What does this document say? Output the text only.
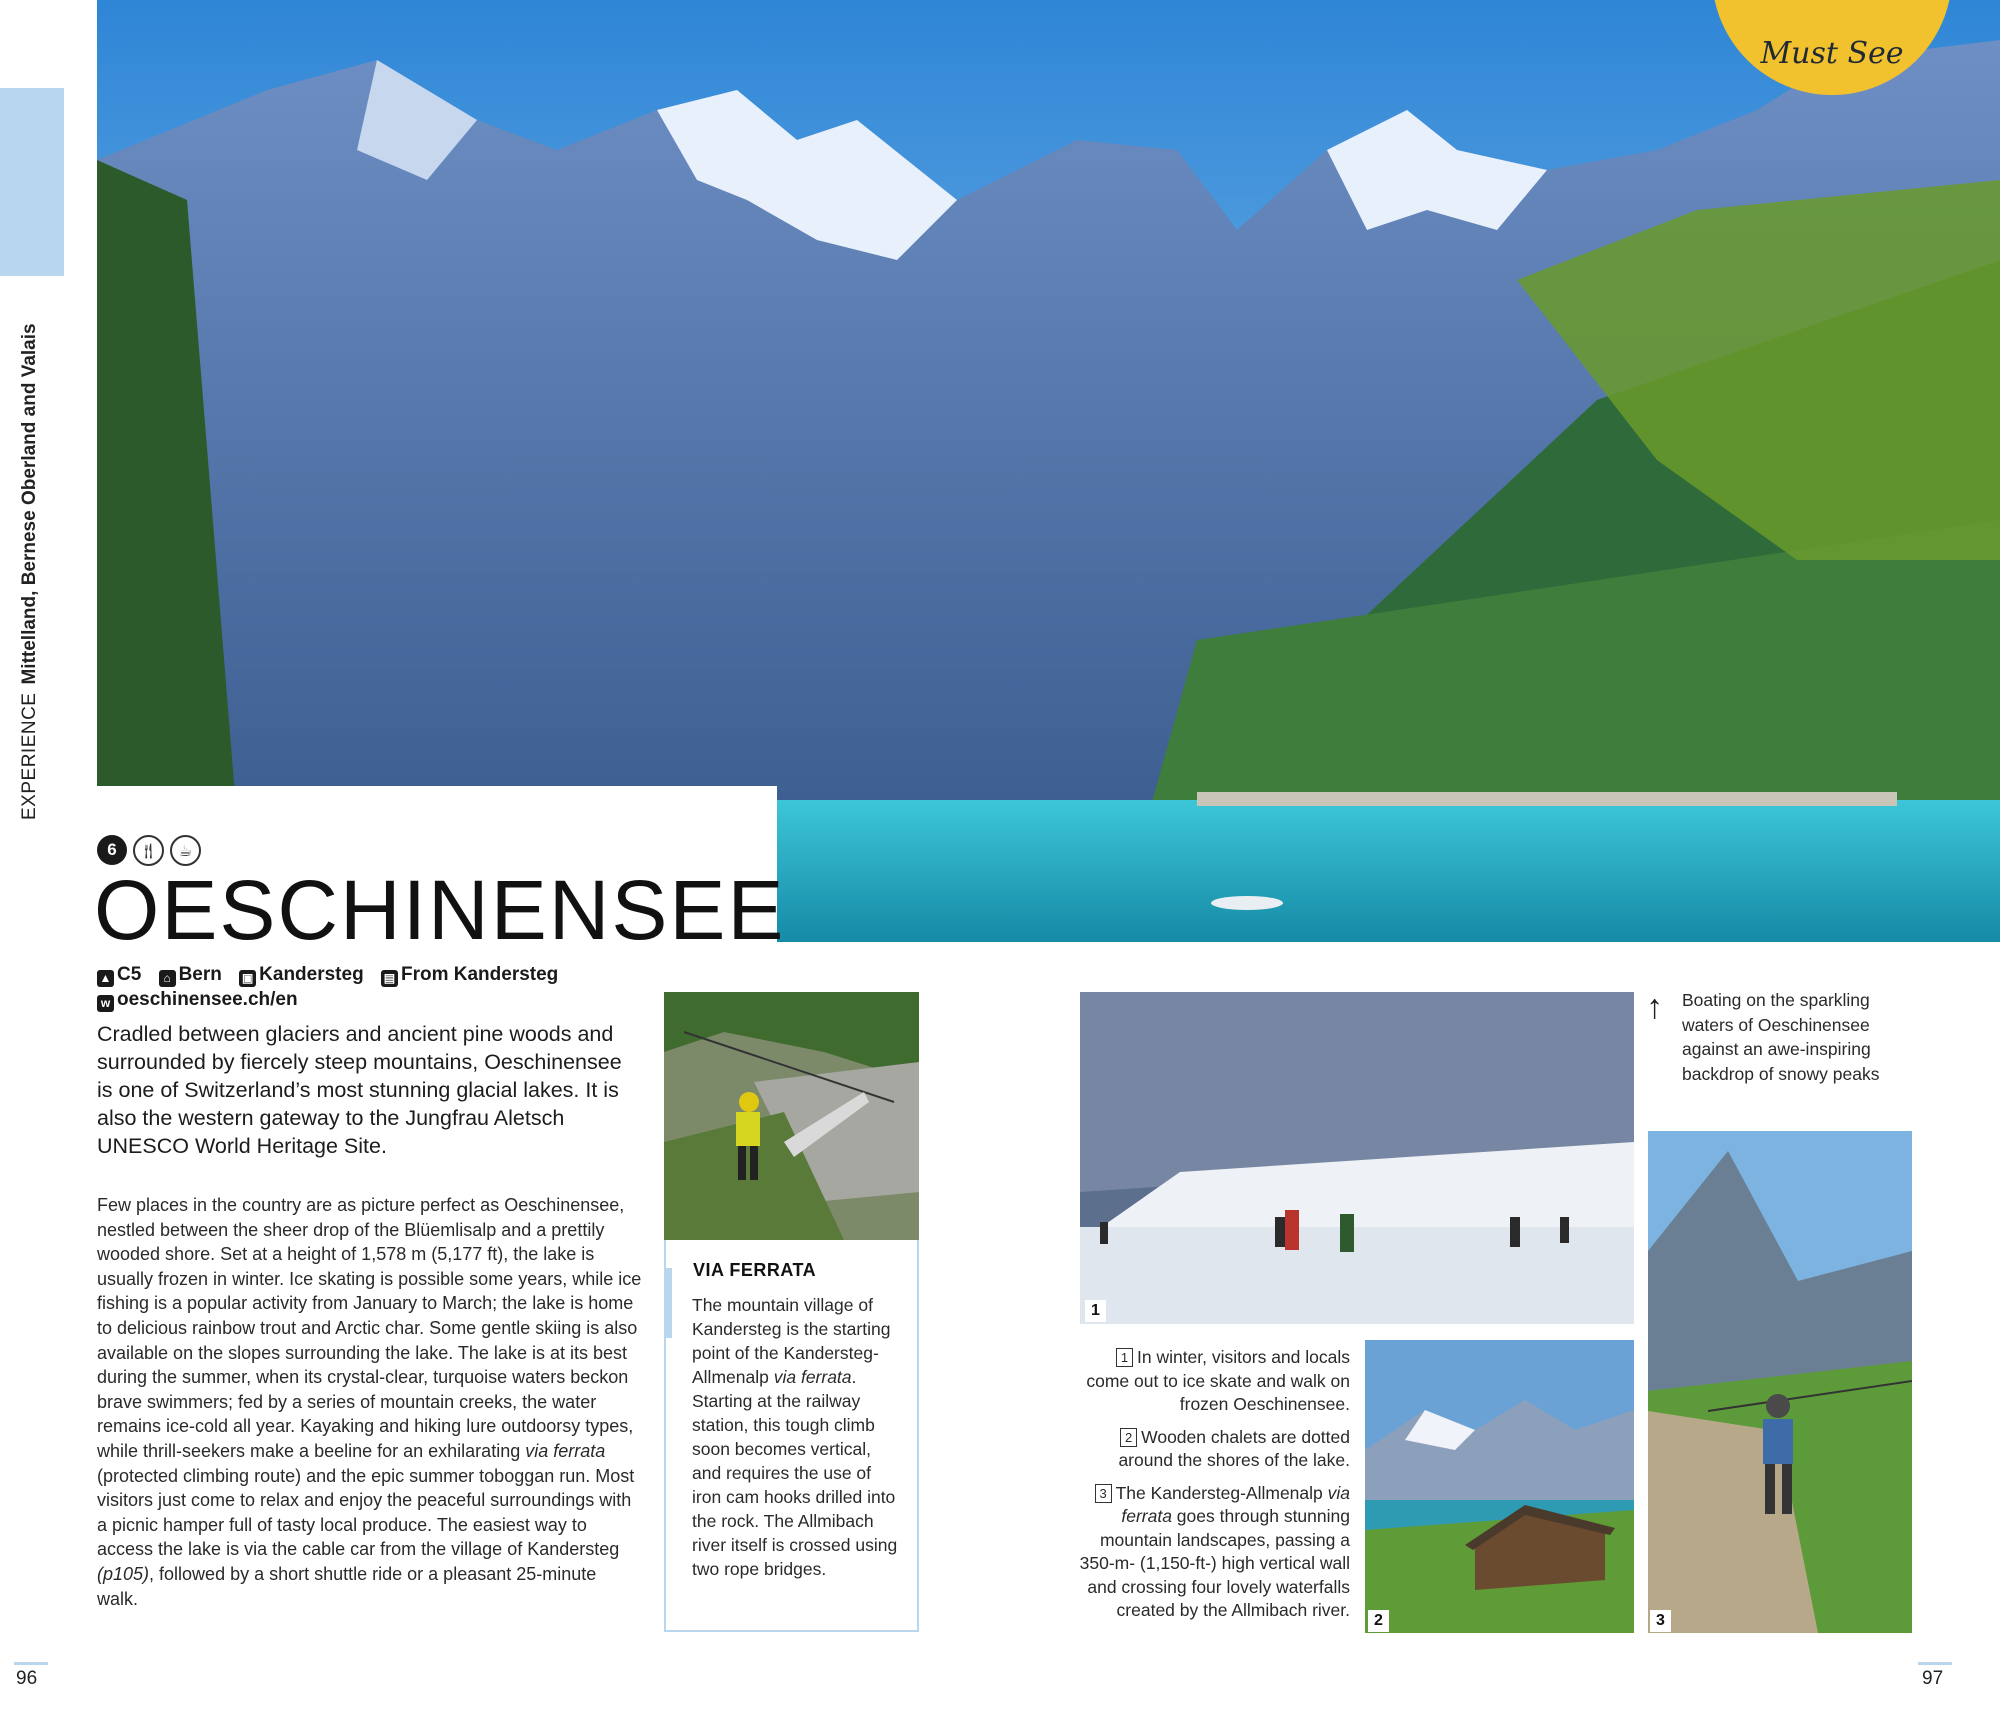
EXPERIENCEMittelland, Bernese Oberland and Valais
Must See
6	🍴︎	☕︎
OESCHINENSEE
▲ C5 ⌂ Bern ▣ Kandersteg ▤ From Kandersteg
w oeschinensee.ch/en
Cradled between glaciers and ancient pine woods and surrounded by fiercely steep mountains, Oeschinensee is one of Switzerland’s most stunning glacial lakes. It is also the western gateway to the Jungfrau Aletsch UNESCO World Heritage Site.
Few places in the country are as picture perfect as Oeschinensee, nestled between the sheer drop of the Blüemlisalp and a prettily wooded shore. Set at a height of 1,578 m (5,177 ft), the lake is usually frozen in winter. Ice skating is possible some years, while ice fishing is a popular activity from January to March; the lake is home to delicious rainbow trout and Arctic char. Some gentle skiing is also available on the slopes surrounding the lake. The lake is at its best during the summer, when its crystal-clear, turquoise waters beckon brave swimmers; fed by a series of mountain creeks, the water remains ice-cold all year. Kayaking and hiking lure outdoorsy types, while thrill-seekers make a beeline for an exhilarating via ferrata (protected climbing route) and the epic summer toboggan run. Most visitors just come to relax and enjoy the peaceful surroundings with a picnic hamper full of tasty local produce. The easiest way to access the lake is via the cable car from the village of Kandersteg (p105), followed by a short shuttle ride or a pleasant 25-minute walk.
VIA FERRATA
The mountain village of Kandersteg is the starting point of the Kandersteg-Allmenalp via ferrata. Starting at the railway station, this tough climb soon becomes vertical, and requires the use of iron cam hooks drilled into the rock. The Allmibach river itself is crossed using two rope bridges.
1
2	3
↑ Boating on the sparkling waters of Oeschinensee against an awe-inspiring backdrop of snowy peaks

1 In winter, visitors and locals come out to ice skate and walk on frozen Oeschinensee.

2 Wooden chalets are dotted around the shores of the lake.

3 The Kandersteg-Allmenalp via ferrata goes through stunning mountain landscapes, passing a 350-m- (1,150-ft-) high vertical wall and crossing four lovely waterfalls created by the Allmibach river.

96	97
